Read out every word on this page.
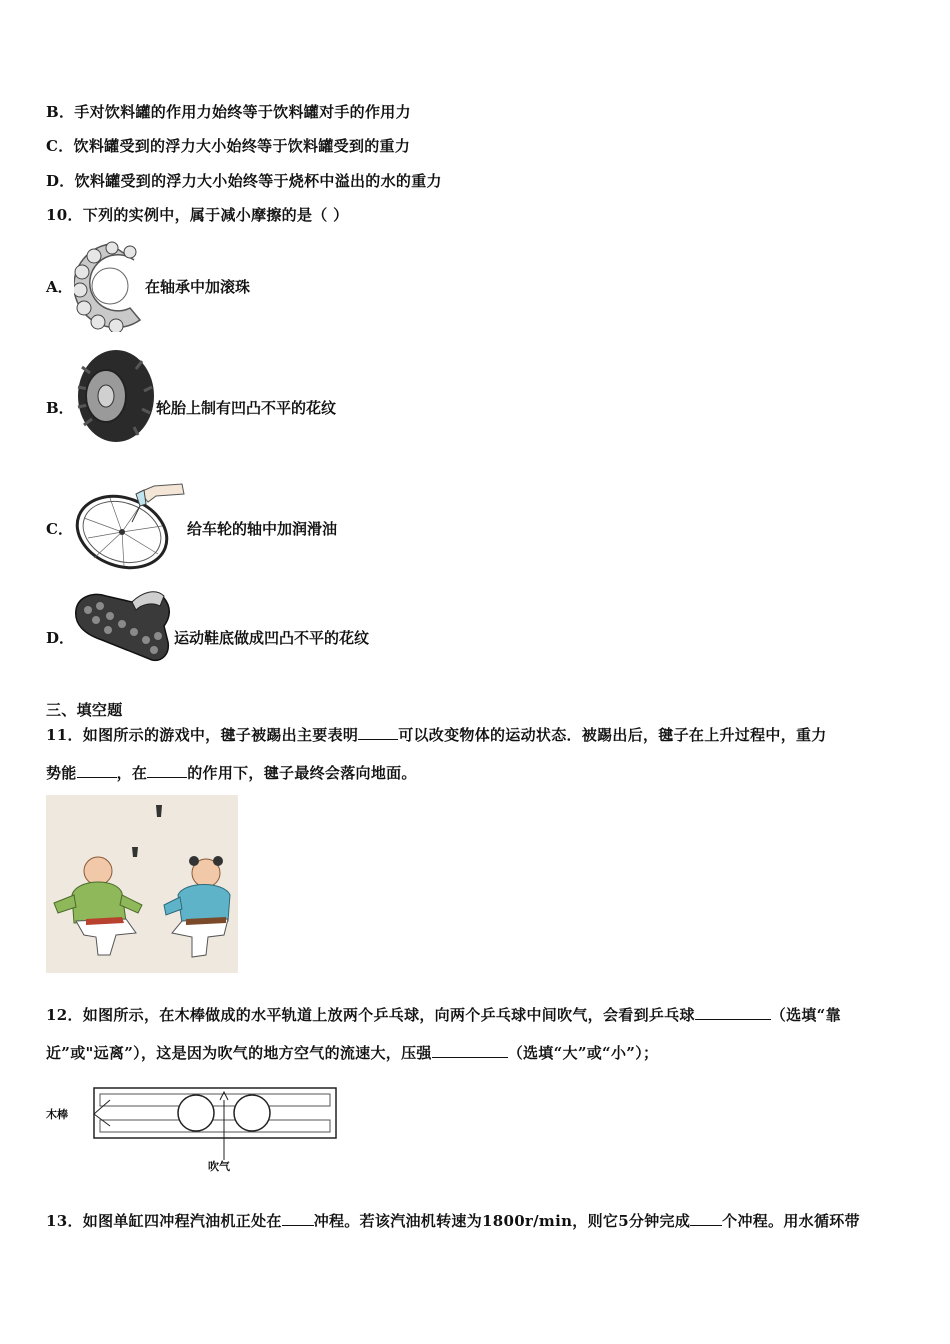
B．手对饮料罐的作用力始终等于饮料罐对手的作用力
C．饮料罐受到的浮力大小始终等于饮料罐受到的重力
D．饮料罐受到的浮力大小始终等于烧杯中溢出的水的重力
10．下列的实例中，属于减小摩擦的是（ ）
A．	在轴承中加滚珠
B．	轮胎上制有凹凸不平的花纹
C．	给车轮的轴中加润滑油
D．	运动鞋底做成凹凸不平的花纹
三、填空题
11．如图所示的游戏中，毽子被踢出主要表明	可以改变物体的运动状态．被踢出后，毽子在上升过程中，重力
势能	，在	的作用下，毽子最终会落向地面。
12．如图所示，在木棒做成的水平轨道上放两个乒乓球，向两个乒乓球中间吹气，会看到乒乓球	（选填“靠
近”或"远离”），这是因为吹气的地方空气的流速大，压强	（选填“大”或“小”）；
木棒
吹气
13．如图单缸四冲程汽油机正处在 冲程。若该汽油机转速为1800r/min，则它5分钟完成 个冲程。用水循环带
